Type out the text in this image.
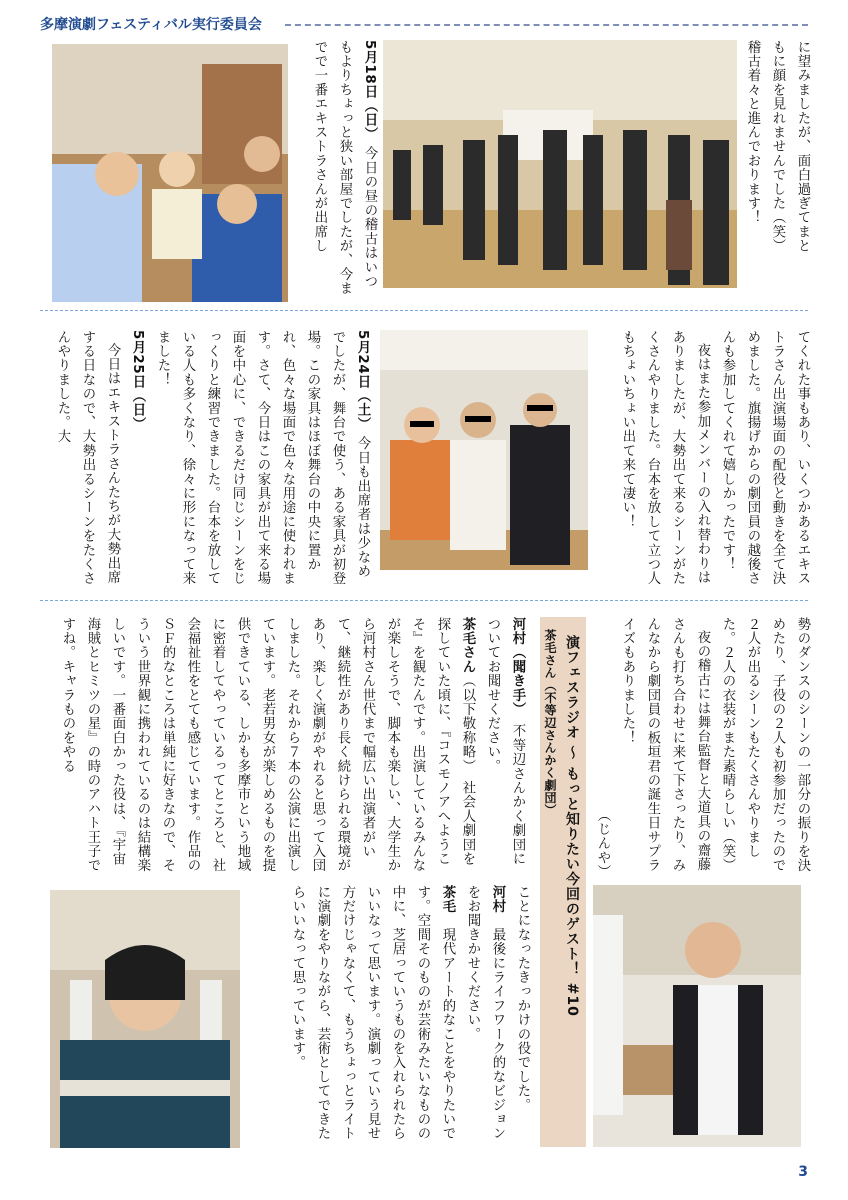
多摩演劇フェスティバル実行委員会

に望みましたが、面白過ぎてまと

もに顔を見れませんでした（笑）

稽古着々と進んでおります！

5月18日（日） 今日の昼の稽古はいつもよりちょっと狭い部屋でしたが、今までで一番エキストラさんが出席し

てくれた事もあり、いくつかあるエキストラさん出演場面の配役と動きを全て決めました。旗揚げからの劇団員の越後さんも参加してくれて嬉しかったです！

夜はまた参加メンバーの入れ替わりはありましたが、大勢出て来るシーンがたくさんやりました。台本を放して立つ人もちょいちょい出て来て凄い！

5月24日（土） 今日も出席者は少なめでしたが、舞台で使う、ある家具が初登場。この家具はほぼ舞台の中央に置かれ、色々な場面で色々な用途に使われます。さて、今日はこの家具が出て来る場面を中心に、できるだけ同じシーンをじっくりと練習できました。台本を放している人も多くなり、徐々に形になって来ました！

5月25日（日）

今日はエキストラさんたちが大勢出席する日なので、大勢出るシーンをたくさんやりました。大

勢のダンスのシーンの一部分の振りを決めたり、子役の２人も初参加だったので２人が出るシーンもたくさんやりました。２人の衣装がまた素晴らしい（笑）

夜の稽古には舞台監督と大道具の齋藤さんも打ち合わせに来て下さったり、みんなから劇団員の板垣君の誕生日サプライズもありました！

（じんや）

演フェスラジオ ～ もっと知りたい今回のゲスト！ #10
茶毛さん（不等辺さんかく劇団）

河村（聞き手）　不等辺さんかく劇団についてお聞せください。

茶毛さん（以下敬称略）　社会人劇団を探していた頃に、『コスモノアへようこそ』を観たんです。出演しているみんなが楽しそうで、脚本も楽しい、大学生から河村さん世代まで幅広い出演者がいて、継続性があり長く続けられる環境があり、楽しく演劇がやれると思って入団しました。それから７本の公演に出演しています。老若男女が楽しめるものを提供できている、しかも多摩市という地域に密着してやっているってところと、社会福祉性をとても感じています。作品のＳＦ的なところは単純に好きなので、そういう世界観に携われているのは結構楽しいです。一番面白かった役は、『宇宙海賊とヒミツの星』の時のアハト王子ですね。キャラものをやる

ことになったきっかけの役でした。

河村　最後にライフワーク的なビジョンをお聞きかせください。

茶毛　現代アート的なことをやりたいです。空間そのものが芸術みたいなものの中に、芝居っていうものを入れられたらいいなって思います。演劇っていう見せ方だけじゃなくて、もうちょっとライトに演劇をやりながら、芸術としてできたらいいなって思っています。

3
